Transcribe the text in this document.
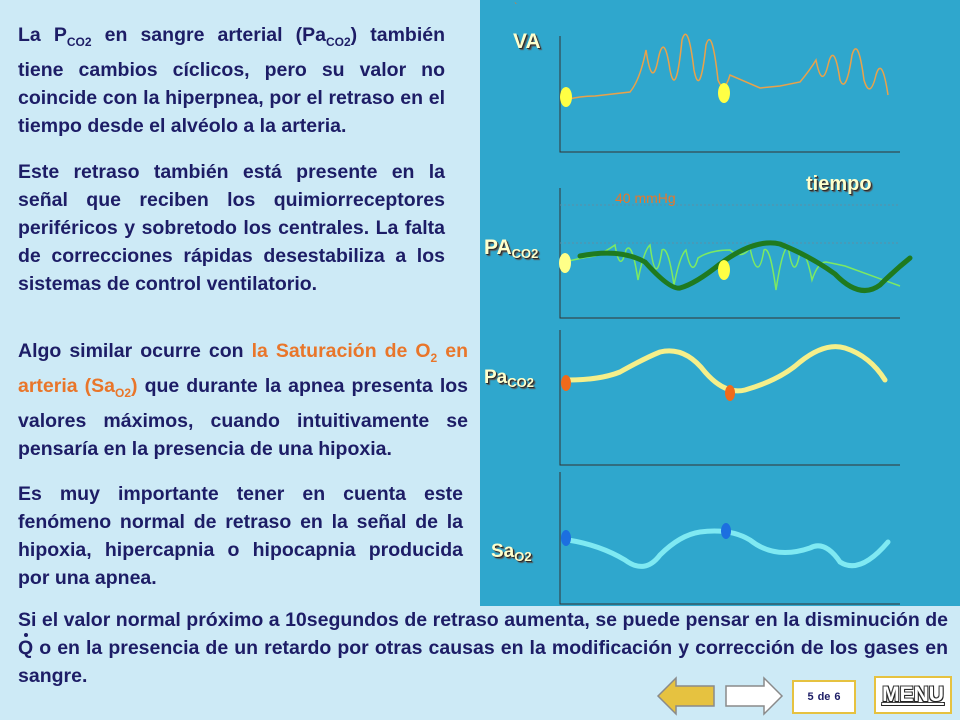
La $P_{CO2}$ en sangre arterial $(Pa_{CO2})$ también tiene cambios cíclicos, pero su valor no coincide con la hiperpnea, por el retraso en el tiempo desde el alvéolo a la arteria.

Este retraso también está presente en la señal que reciben los quimiorreceptores periféricos y sobretodo los centrales. La falta de correcciones rápidas desestabiliza a los sistemas de control ventilatorio.

Algo similar ocurre con la Saturación de $O_2$ en arteria $(Sa_{O2})$ que durante la apnea presenta los valores máximos, cuando intuitivamente se pensaría en la presencia de una hipoxia.

Es muy importante tener en cuenta este fenómeno normal de retraso en la señal de la hipoxia, hipercapnia o hipocapnia producida por una apnea.

`
VA
tiempo
40 mmHg
$PA_{CO2}$
$Pa_{CO2}$
$Sa_{O2}$

Si el valor normal próximo a 10segundos de retraso aumenta, se puede pensar en la disminución de Q o en la presencia de un retardo por otras causas en la modificación y corrección de los gases en sangre.

5 de 6 MENU
